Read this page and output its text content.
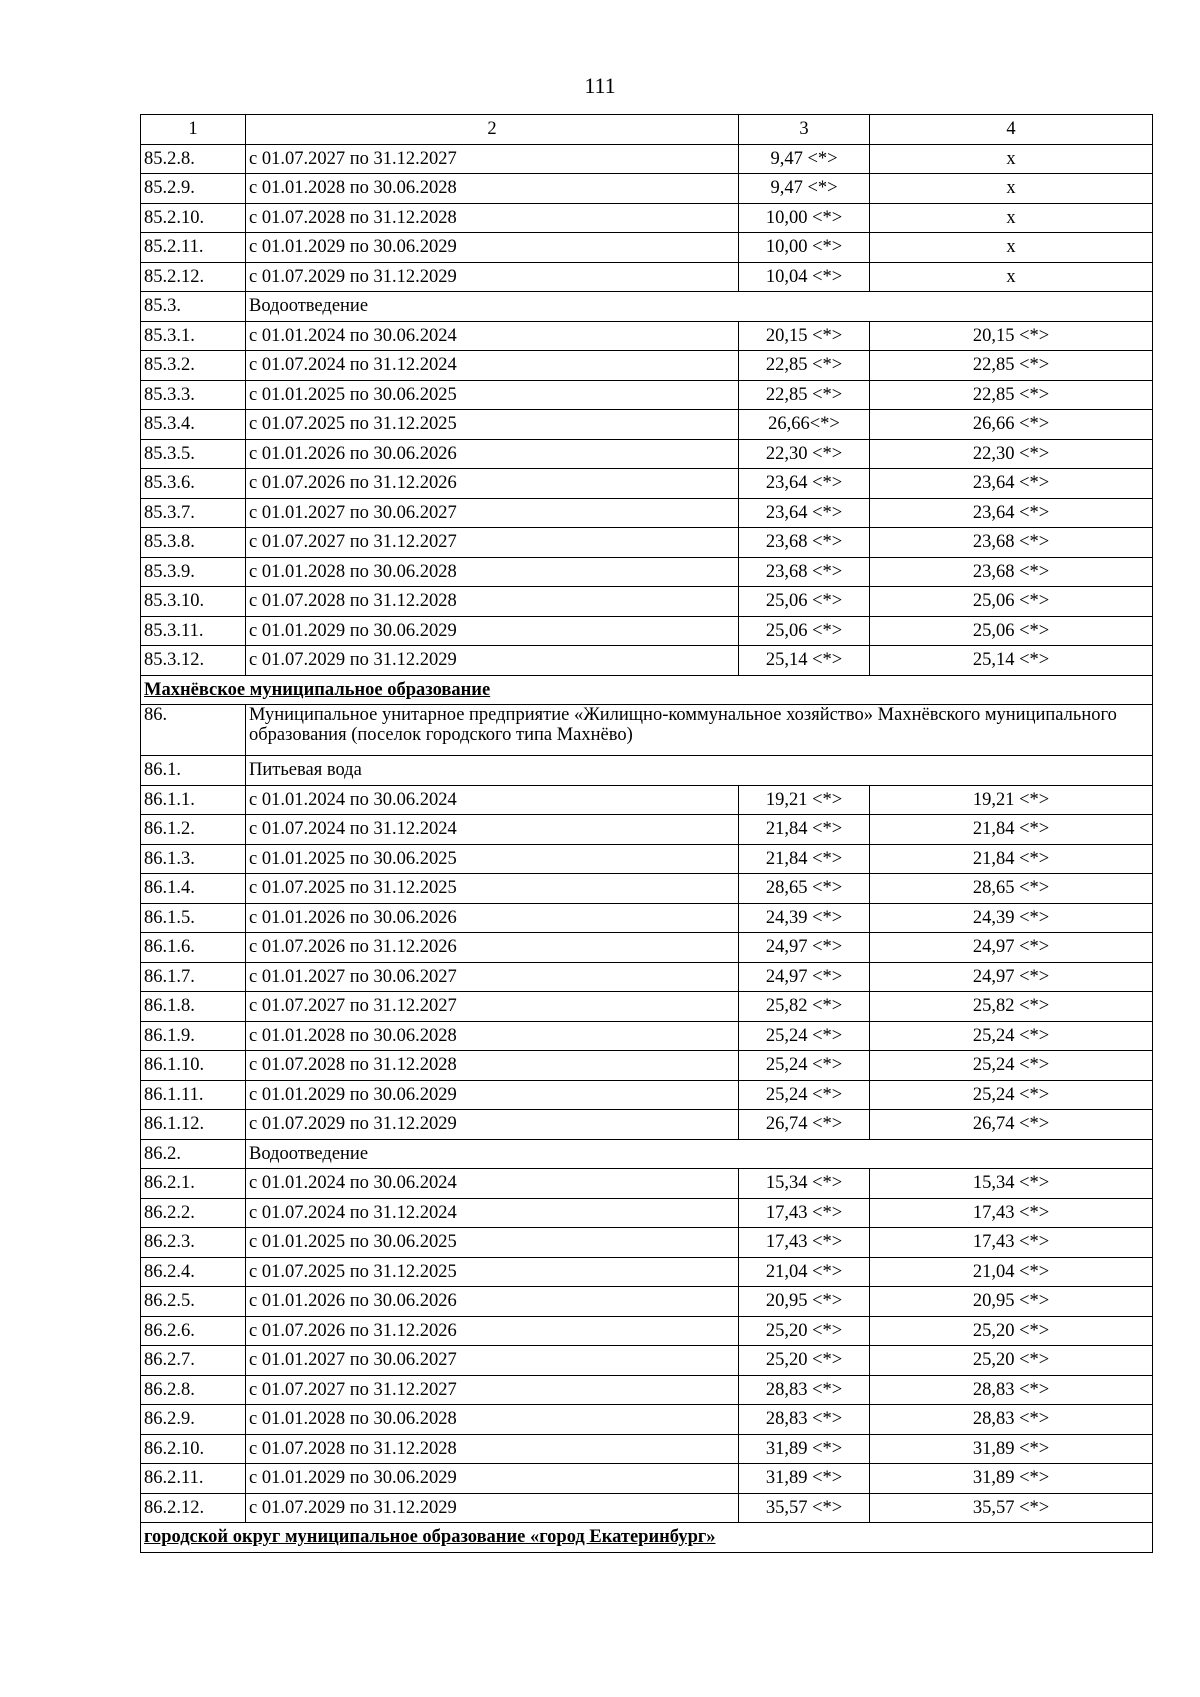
111
1	2	3	4
85.2.8.	с 01.07.2027 по 31.12.2027	9,47 <*>	х
85.2.9.	с 01.01.2028 по 30.06.2028	9,47 <*>	х
85.2.10.	с 01.07.2028 по 31.12.2028	10,00 <*>	х
85.2.11.	с 01.01.2029 по 30.06.2029	10,00 <*>	х
85.2.12.	с 01.07.2029 по 31.12.2029	10,04 <*>	х
85.3.	Водоотведение		
85.3.1.	с 01.01.2024 по 30.06.2024	20,15 <*>	20,15 <*>
85.3.2.	с 01.07.2024 по 31.12.2024	22,85 <*>	22,85 <*>
85.3.3.	с 01.01.2025 по 30.06.2025	22,85 <*>	22,85 <*>
85.3.4.	с 01.07.2025 по 31.12.2025	26,66<*>	26,66 <*>
85.3.5.	с 01.01.2026 по 30.06.2026	22,30 <*>	22,30 <*>
85.3.6.	с 01.07.2026 по 31.12.2026	23,64 <*>	23,64 <*>
85.3.7.	с 01.01.2027 по 30.06.2027	23,64 <*>	23,64 <*>
85.3.8.	с 01.07.2027 по 31.12.2027	23,68 <*>	23,68 <*>
85.3.9.	с 01.01.2028 по 30.06.2028	23,68 <*>	23,68 <*>
85.3.10.	с 01.07.2028 по 31.12.2028	25,06 <*>	25,06 <*>
85.3.11.	с 01.01.2029 по 30.06.2029	25,06 <*>	25,06 <*>
85.3.12.	с 01.07.2029 по 31.12.2029	25,14 <*>	25,14 <*>
Махнёвское муниципальное образование			
86.	Муниципальное унитарное предприятие «Жилищно-коммунальное хозяйство» Махнёвского муниципального образования (поселок городского типа Махнёво)		
86.1.	Питьевая вода		
86.1.1.	с 01.01.2024 по 30.06.2024	19,21 <*>	19,21 <*>
86.1.2.	с 01.07.2024 по 31.12.2024	21,84 <*>	21,84 <*>
86.1.3.	с 01.01.2025 по 30.06.2025	21,84 <*>	21,84 <*>
86.1.4.	с 01.07.2025 по 31.12.2025	28,65 <*>	28,65 <*>
86.1.5.	с 01.01.2026 по 30.06.2026	24,39 <*>	24,39 <*>
86.1.6.	с 01.07.2026 по 31.12.2026	24,97 <*>	24,97 <*>
86.1.7.	с 01.01.2027 по 30.06.2027	24,97 <*>	24,97 <*>
86.1.8.	с 01.07.2027 по 31.12.2027	25,82 <*>	25,82 <*>
86.1.9.	с 01.01.2028 по 30.06.2028	25,24 <*>	25,24 <*>
86.1.10.	с 01.07.2028 по 31.12.2028	25,24 <*>	25,24 <*>
86.1.11.	с 01.01.2029 по 30.06.2029	25,24 <*>	25,24 <*>
86.1.12.	с 01.07.2029 по 31.12.2029	26,74 <*>	26,74 <*>
86.2.	Водоотведение		
86.2.1.	с 01.01.2024 по 30.06.2024	15,34 <*>	15,34 <*>
86.2.2.	с 01.07.2024 по 31.12.2024	17,43 <*>	17,43 <*>
86.2.3.	с 01.01.2025 по 30.06.2025	17,43 <*>	17,43 <*>
86.2.4.	с 01.07.2025 по 31.12.2025	21,04 <*>	21,04 <*>
86.2.5.	с 01.01.2026 по 30.06.2026	20,95 <*>	20,95 <*>
86.2.6.	с 01.07.2026 по 31.12.2026	25,20 <*>	25,20 <*>
86.2.7.	с 01.01.2027 по 30.06.2027	25,20 <*>	25,20 <*>
86.2.8.	с 01.07.2027 по 31.12.2027	28,83 <*>	28,83 <*>
86.2.9.	с 01.01.2028 по 30.06.2028	28,83 <*>	28,83 <*>
86.2.10.	с 01.07.2028 по 31.12.2028	31,89 <*>	31,89 <*>
86.2.11.	с 01.01.2029 по 30.06.2029	31,89 <*>	31,89 <*>
86.2.12.	с 01.07.2029 по 31.12.2029	35,57 <*>	35,57 <*>
городской округ муниципальное образование «город Екатеринбург»			
